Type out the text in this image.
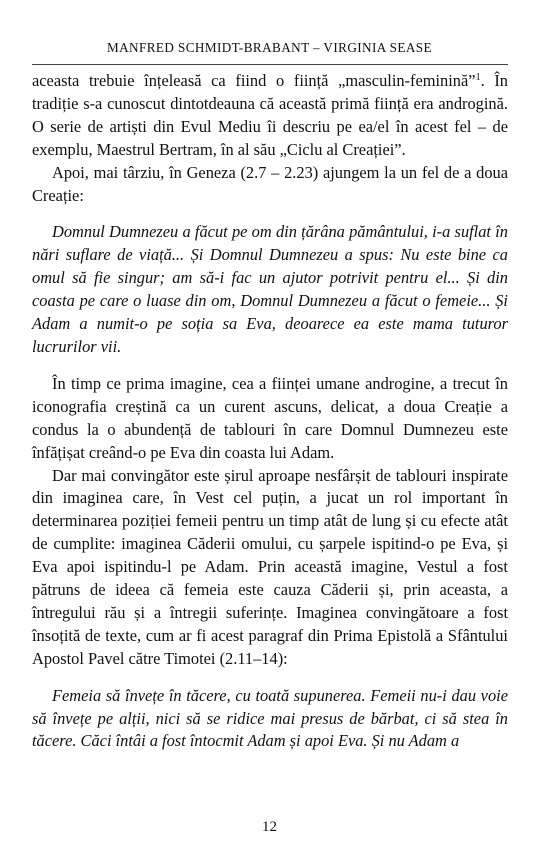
MANFRED SCHMIDT-BRABANT – VIRGINIA SEASE

aceasta trebuie înțeleasă ca fiind o ființă „masculin-feminină”$^1$. În tradiție s-a cunoscut dintotdeauna că această primă ființă era androgină. O serie de artiști din Evul Mediu îi descriu pe ea/el în acest fel – de exemplu, Maestrul Bertram, în al său „Ciclu al Creației”.

Apoi, mai târziu, în Geneza (2.7 – 2.23) ajungem la un fel de a doua Creație:

Domnul Dumnezeu a făcut pe om din țărâna pământului, i-a suflat în nări suflare de viață... Și Domnul Dumnezeu a spus: Nu este bine ca omul să fie singur; am să-i fac un ajutor potrivit pentru el... Și din coasta pe care o luase din om, Domnul Dumnezeu a făcut o femeie... Și Adam a numit-o pe soția sa Eva, deoarece ea este mama tuturor lucrurilor vii.

În timp ce prima imagine, cea a ființei umane androgine, a trecut în iconografia creștină ca un curent ascuns, delicat, a doua Creație a condus la o abundență de tablouri în care Domnul Dumnezeu este înfățișat creând-o pe Eva din coasta lui Adam.

Dar mai convingător este șirul aproape nesfârșit de tablouri inspirate din imaginea care, în Vest cel puțin, a jucat un rol important în determinarea poziției femeii pentru un timp atât de lung și cu efecte atât de cumplite: imaginea Căderii omului, cu șarpele ispitind-o pe Eva, și Eva apoi ispitindu-l pe Adam. Prin această imagine, Vestul a fost pătruns de ideea că femeia este cauza Căderii și, prin aceasta, a întregului rău și a întregii suferințe. Imaginea convingătoare a fost însoțită de texte, cum ar fi acest paragraf din Prima Epistolă a Sfântului Apostol Pavel către Timotei (2.11–14):

Femeia să învețe în tăcere, cu toată supunerea. Femeii nu-i dau voie să învețe pe alții, nici să se ridice mai presus de bărbat, ci să stea în tăcere. Căci întâi a fost întocmit Adam și apoi Eva. Și nu Adam a

12
